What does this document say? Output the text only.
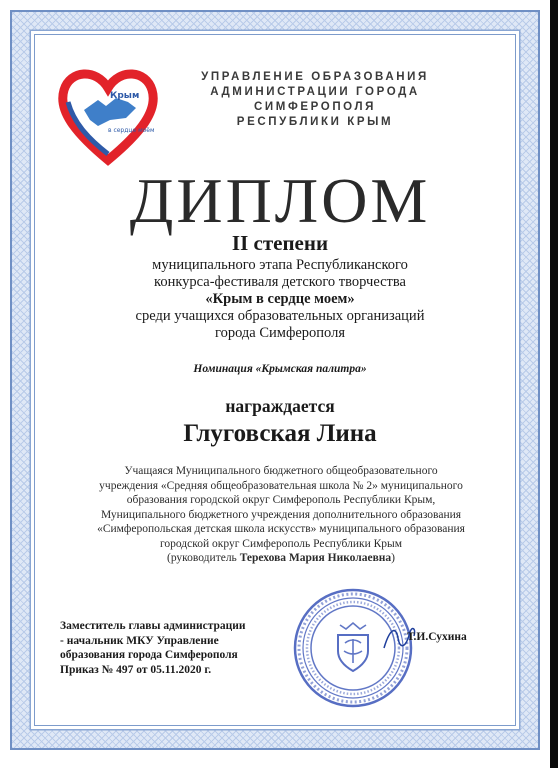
Крым
в сердце моём
УПРАВЛЕНИЕ ОБРАЗОВАНИЯ
АДМИНИСТРАЦИИ ГОРОДА СИМФЕРОПОЛЯ
РЕСПУБЛИКИ КРЫМ
ДИПЛОМ
II степени
муниципального этапа Республиканского
конкурса-фестиваля детского творчества
«Крым в сердце моем»
среди учащихся образовательных организаций
города Симферополя
Номинация «Крымская палитра»
награждается
Глуговская Лина
Учащаяся Муниципального бюджетного общеобразовательного
учреждения «Средняя общеобразовательная школа № 2» муниципального
образования городской округ Симферополь Республики Крым,
Муниципального бюджетного учреждения дополнительного образования
«Симферопольская детская школа искусств» муниципального образования
городской округ Симферополь Республики Крым
(руководитель Терехова Мария Николаевна)
Заместитель главы администрации
- начальник МКУ Управление
образования города Симферополя
Приказ № 497 от 05.11.2020 г.
Т.И.Сухина
